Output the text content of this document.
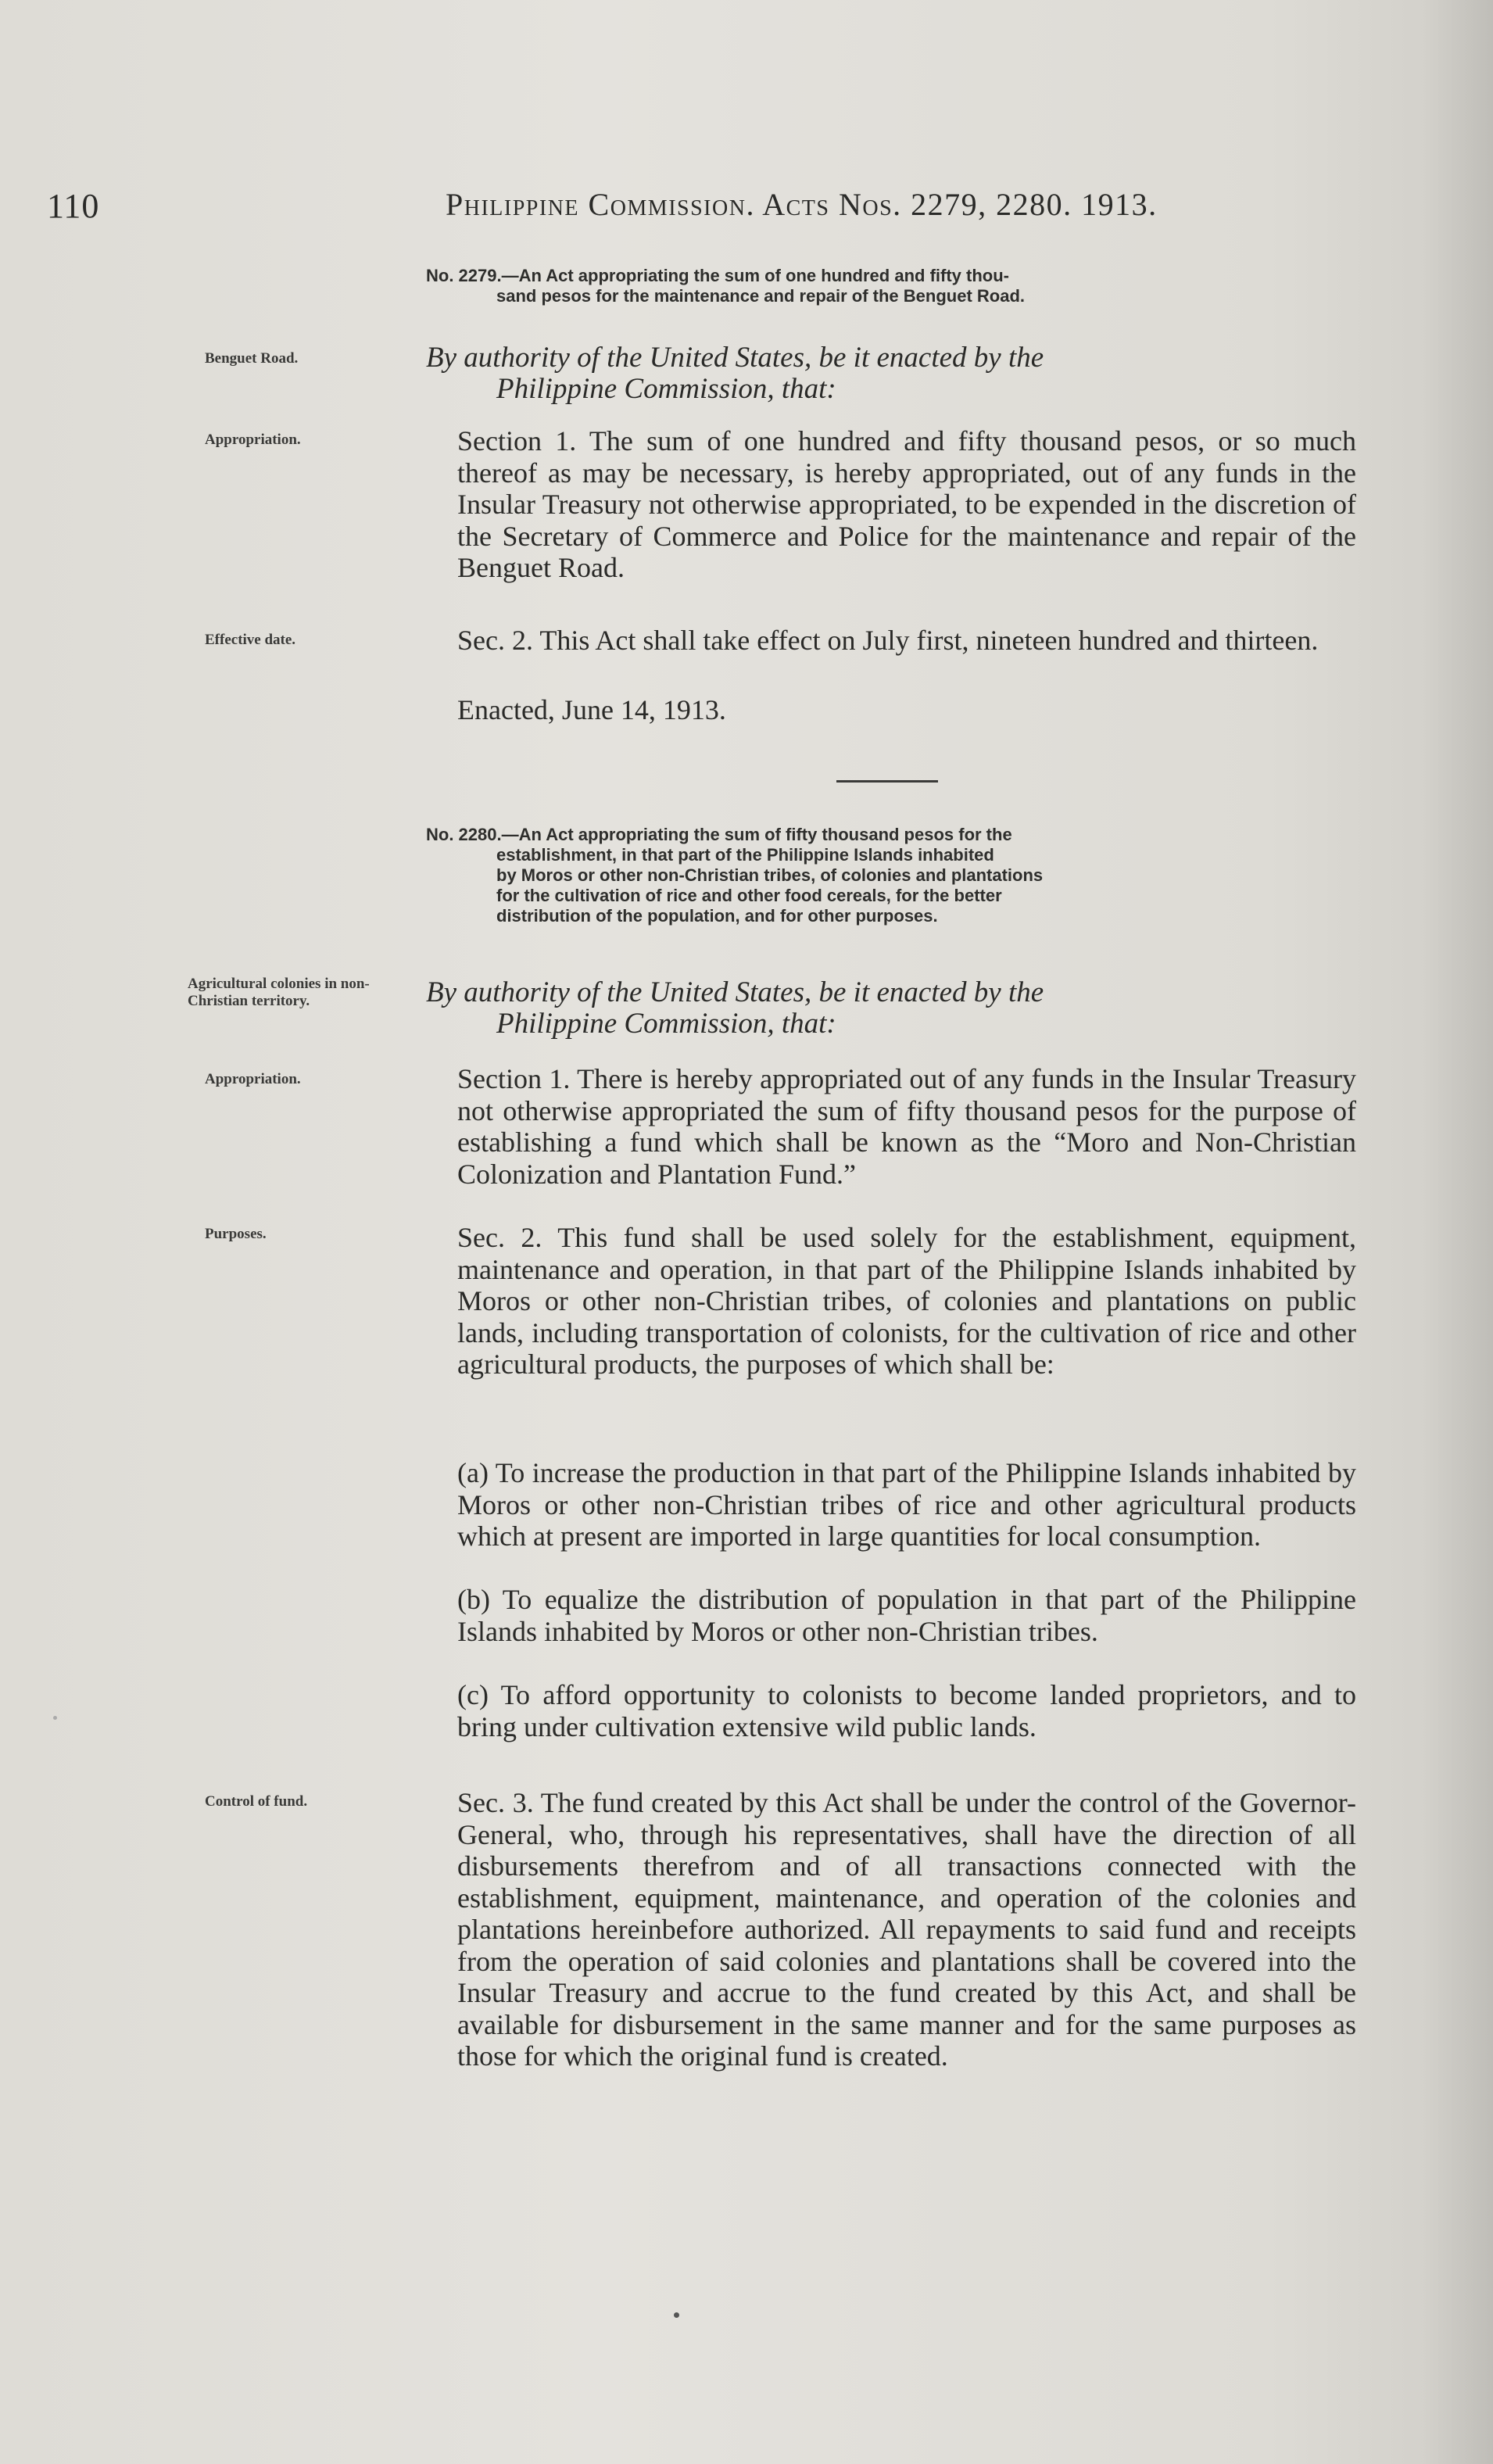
110	Philippine Commission. Acts Nos. 2279, 2280. 1913.
No. 2279.—An Act appropriating the sum of one hundred and fifty thou-

sand pesos for the maintenance and repair of the Benguet Road.
Benguet Road.	By authority of the United States, be it enacted by the
Philippine Commission, that:
Appropriation.	Section 1. The sum of one hundred and fifty thousand pesos, or so much thereof as may be necessary, is hereby appropriated, out of any funds in the Insular Treasury not otherwise appropriated, to be expended in the discretion of the Secretary of Commerce and Police for the maintenance and repair of the Benguet Road.
Effective date.	Sec. 2. This Act shall take effect on July first, nineteen hundred and thirteen.
Enacted, June 14, 1913.
No. 2280.—An Act appropriating the sum of fifty thousand pesos for the

establishment, in that part of the Philippine Islands inhabited
by Moros or other non-Christian tribes, of colonies and plantations
for the cultivation of rice and other food cereals, for the better
distribution of the population, and for other purposes.
Agricultural colonies in non-Christian territory.	By authority of the United States, be it enacted by the
Philippine Commission, that:
Appropriation.	Section 1. There is hereby appropriated out of any funds in the Insular Treasury not otherwise appropriated the sum of fifty thousand pesos for the purpose of establishing a fund which shall be known as the “Moro and Non-Christian Colonization and Plantation Fund.”
Purposes.	Sec. 2. This fund shall be used solely for the establishment, equipment, maintenance and operation, in that part of the Philippine Islands inhabited by Moros or other non-Christian tribes, of colonies and plantations on public lands, including transportation of colonists, for the cultivation of rice and other agricultural products, the purposes of which shall be:
(a) To increase the production in that part of the Philippine Islands inhabited by Moros or other non-Christian tribes of rice and other agricultural products which at present are imported in large quantities for local consumption.
(b) To equalize the distribution of population in that part of the Philippine Islands inhabited by Moros or other non-Christian tribes.
(c) To afford opportunity to colonists to become landed proprietors, and to bring under cultivation extensive wild public lands.
Control of fund.	Sec. 3. The fund created by this Act shall be under the control of the Governor-General, who, through his representatives, shall have the direction of all disbursements therefrom and of all transactions connected with the establishment, equipment, maintenance, and operation of the colonies and plantations hereinbefore authorized. All repayments to said fund and receipts from the operation of said colonies and plantations shall be covered into the Insular Treasury and accrue to the fund created by this Act, and shall be available for disbursement in the same manner and for the same purposes as those for which the original fund is created.
